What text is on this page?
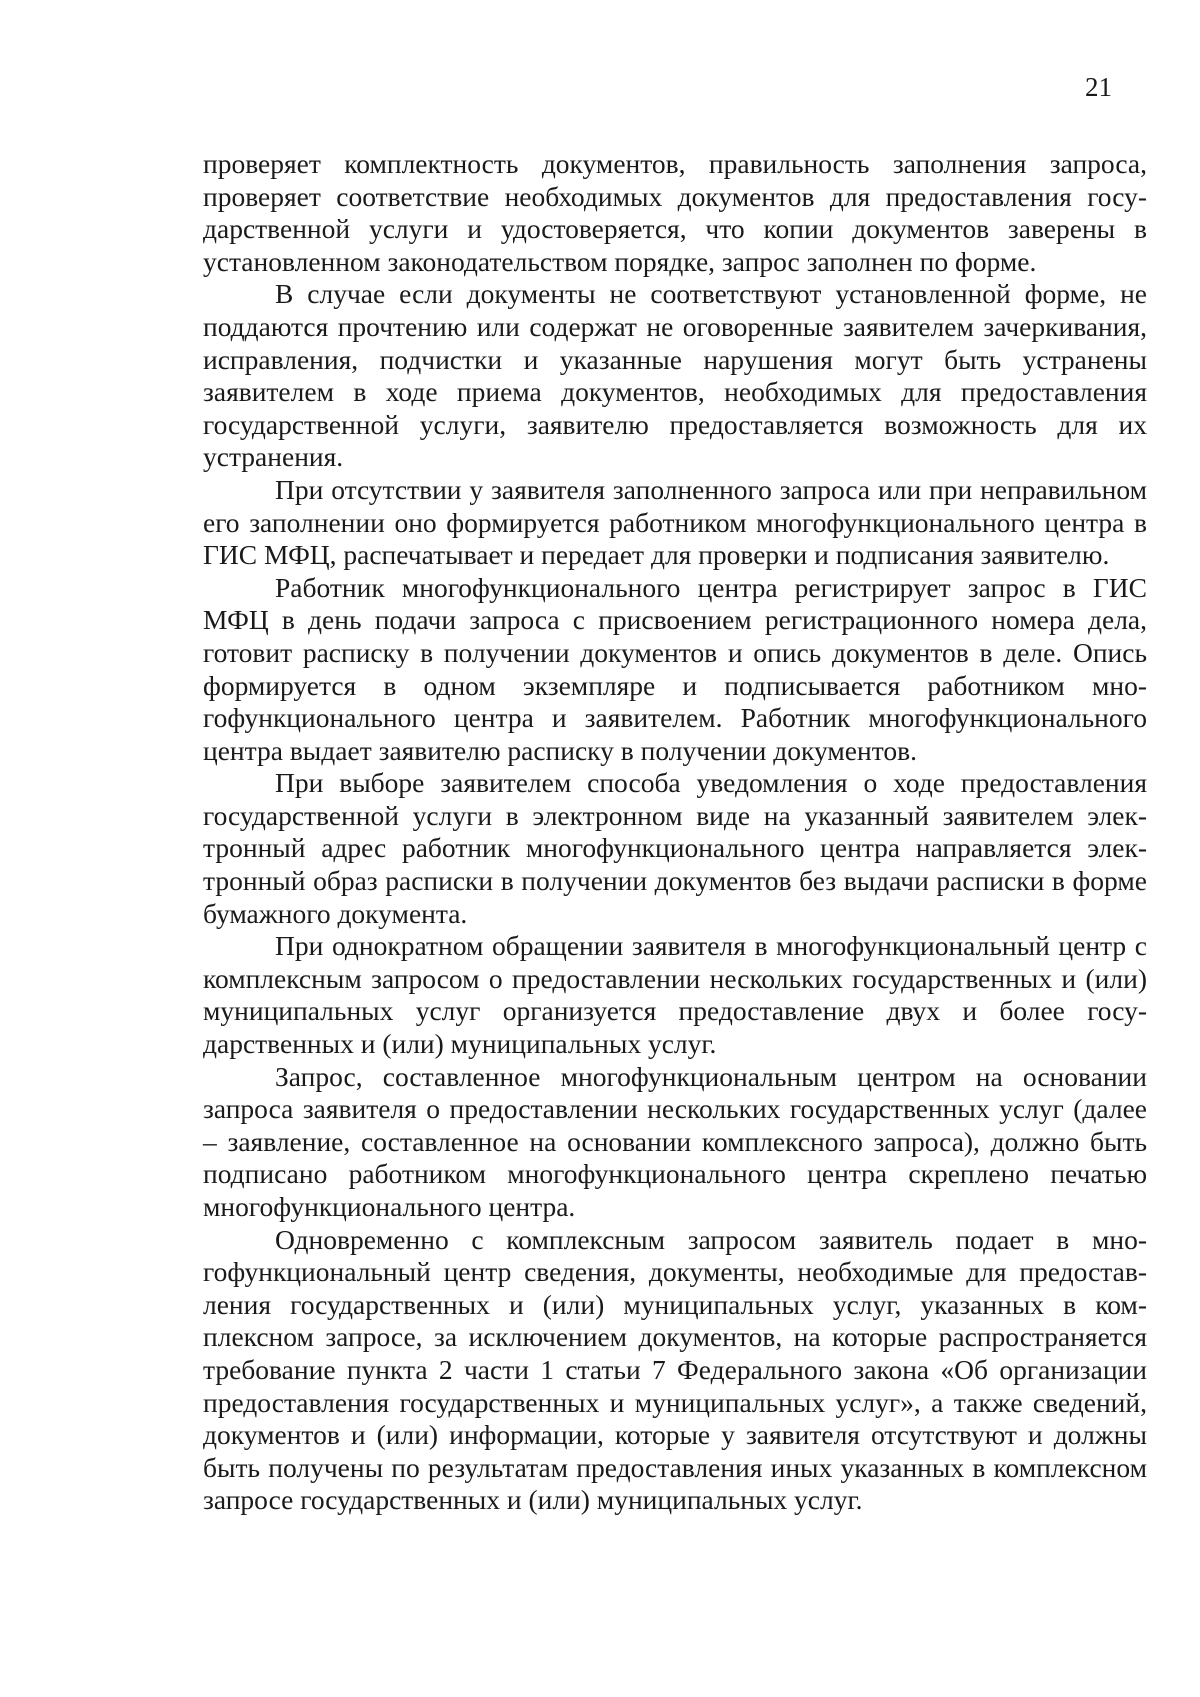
21

проверяет комплектность документов, правильность заполнения запроса, проверяет соответствие необходимых документов для предоставления государственной услуги и удостоверяется, что копии документов заверены в установленном законодательством порядке, запрос заполнен по форме.

В случае если документы не соответствуют установленной форме, не поддаются прочтению или содержат не оговоренные заявителем зачеркивания, исправления, подчистки и указанные нарушения могут быть устранены заявителем в ходе приема документов, необходимых для предоставления государственной услуги, заявителю предоставляется возможность для их устранения.

При отсутствии у заявителя заполненного запроса или при неправильном его заполнении оно формируется работником многофункционального центра в ГИС МФЦ, распечатывает и передает для проверки и подписания заявителю.

Работник многофункционального центра регистрирует запрос в ГИС МФЦ в день подачи запроса с присвоением регистрационного номера дела, готовит расписку в получении документов и опись документов в деле. Опись формируется в одном экземпляре и подписывается работником многофункционального центра и заявителем. Работник многофункционального центра выдает заявителю расписку в получении документов.

При выборе заявителем способа уведомления о ходе предоставления государственной услуги в электронном виде на указанный заявителем электронный адрес работник многофункционального центра направляется электронный образ расписки в получении документов без выдачи расписки в форме бумажного документа.

При однократном обращении заявителя в многофункциональный центр с комплексным запросом о предоставлении нескольких государственных и (или) муниципальных услуг организуется предоставление двух и более государственных и (или) муниципальных услуг.

Запрос, составленное многофункциональным центром на основании запроса заявителя о предоставлении нескольких государственных услуг (далее – заявление, составленное на основании комплексного запроса), должно быть подписано работником многофункционального центра скреплено печатью многофункционального центра.

Одновременно с комплексным запросом заявитель подает в многофункциональный центр сведения, документы, необходимые для предоставления государственных и (или) муниципальных услуг, указанных в комплексном запросе, за исключением документов, на которые распространяется требование пункта 2 части 1 статьи 7 Федерального закона «Об организации предоставления государственных и муниципальных услуг», а также сведений, документов и (или) информации, которые у заявителя отсутствуют и должны быть получены по результатам предоставления иных указанных в комплексном запросе государственных и (или) муниципальных услуг.
